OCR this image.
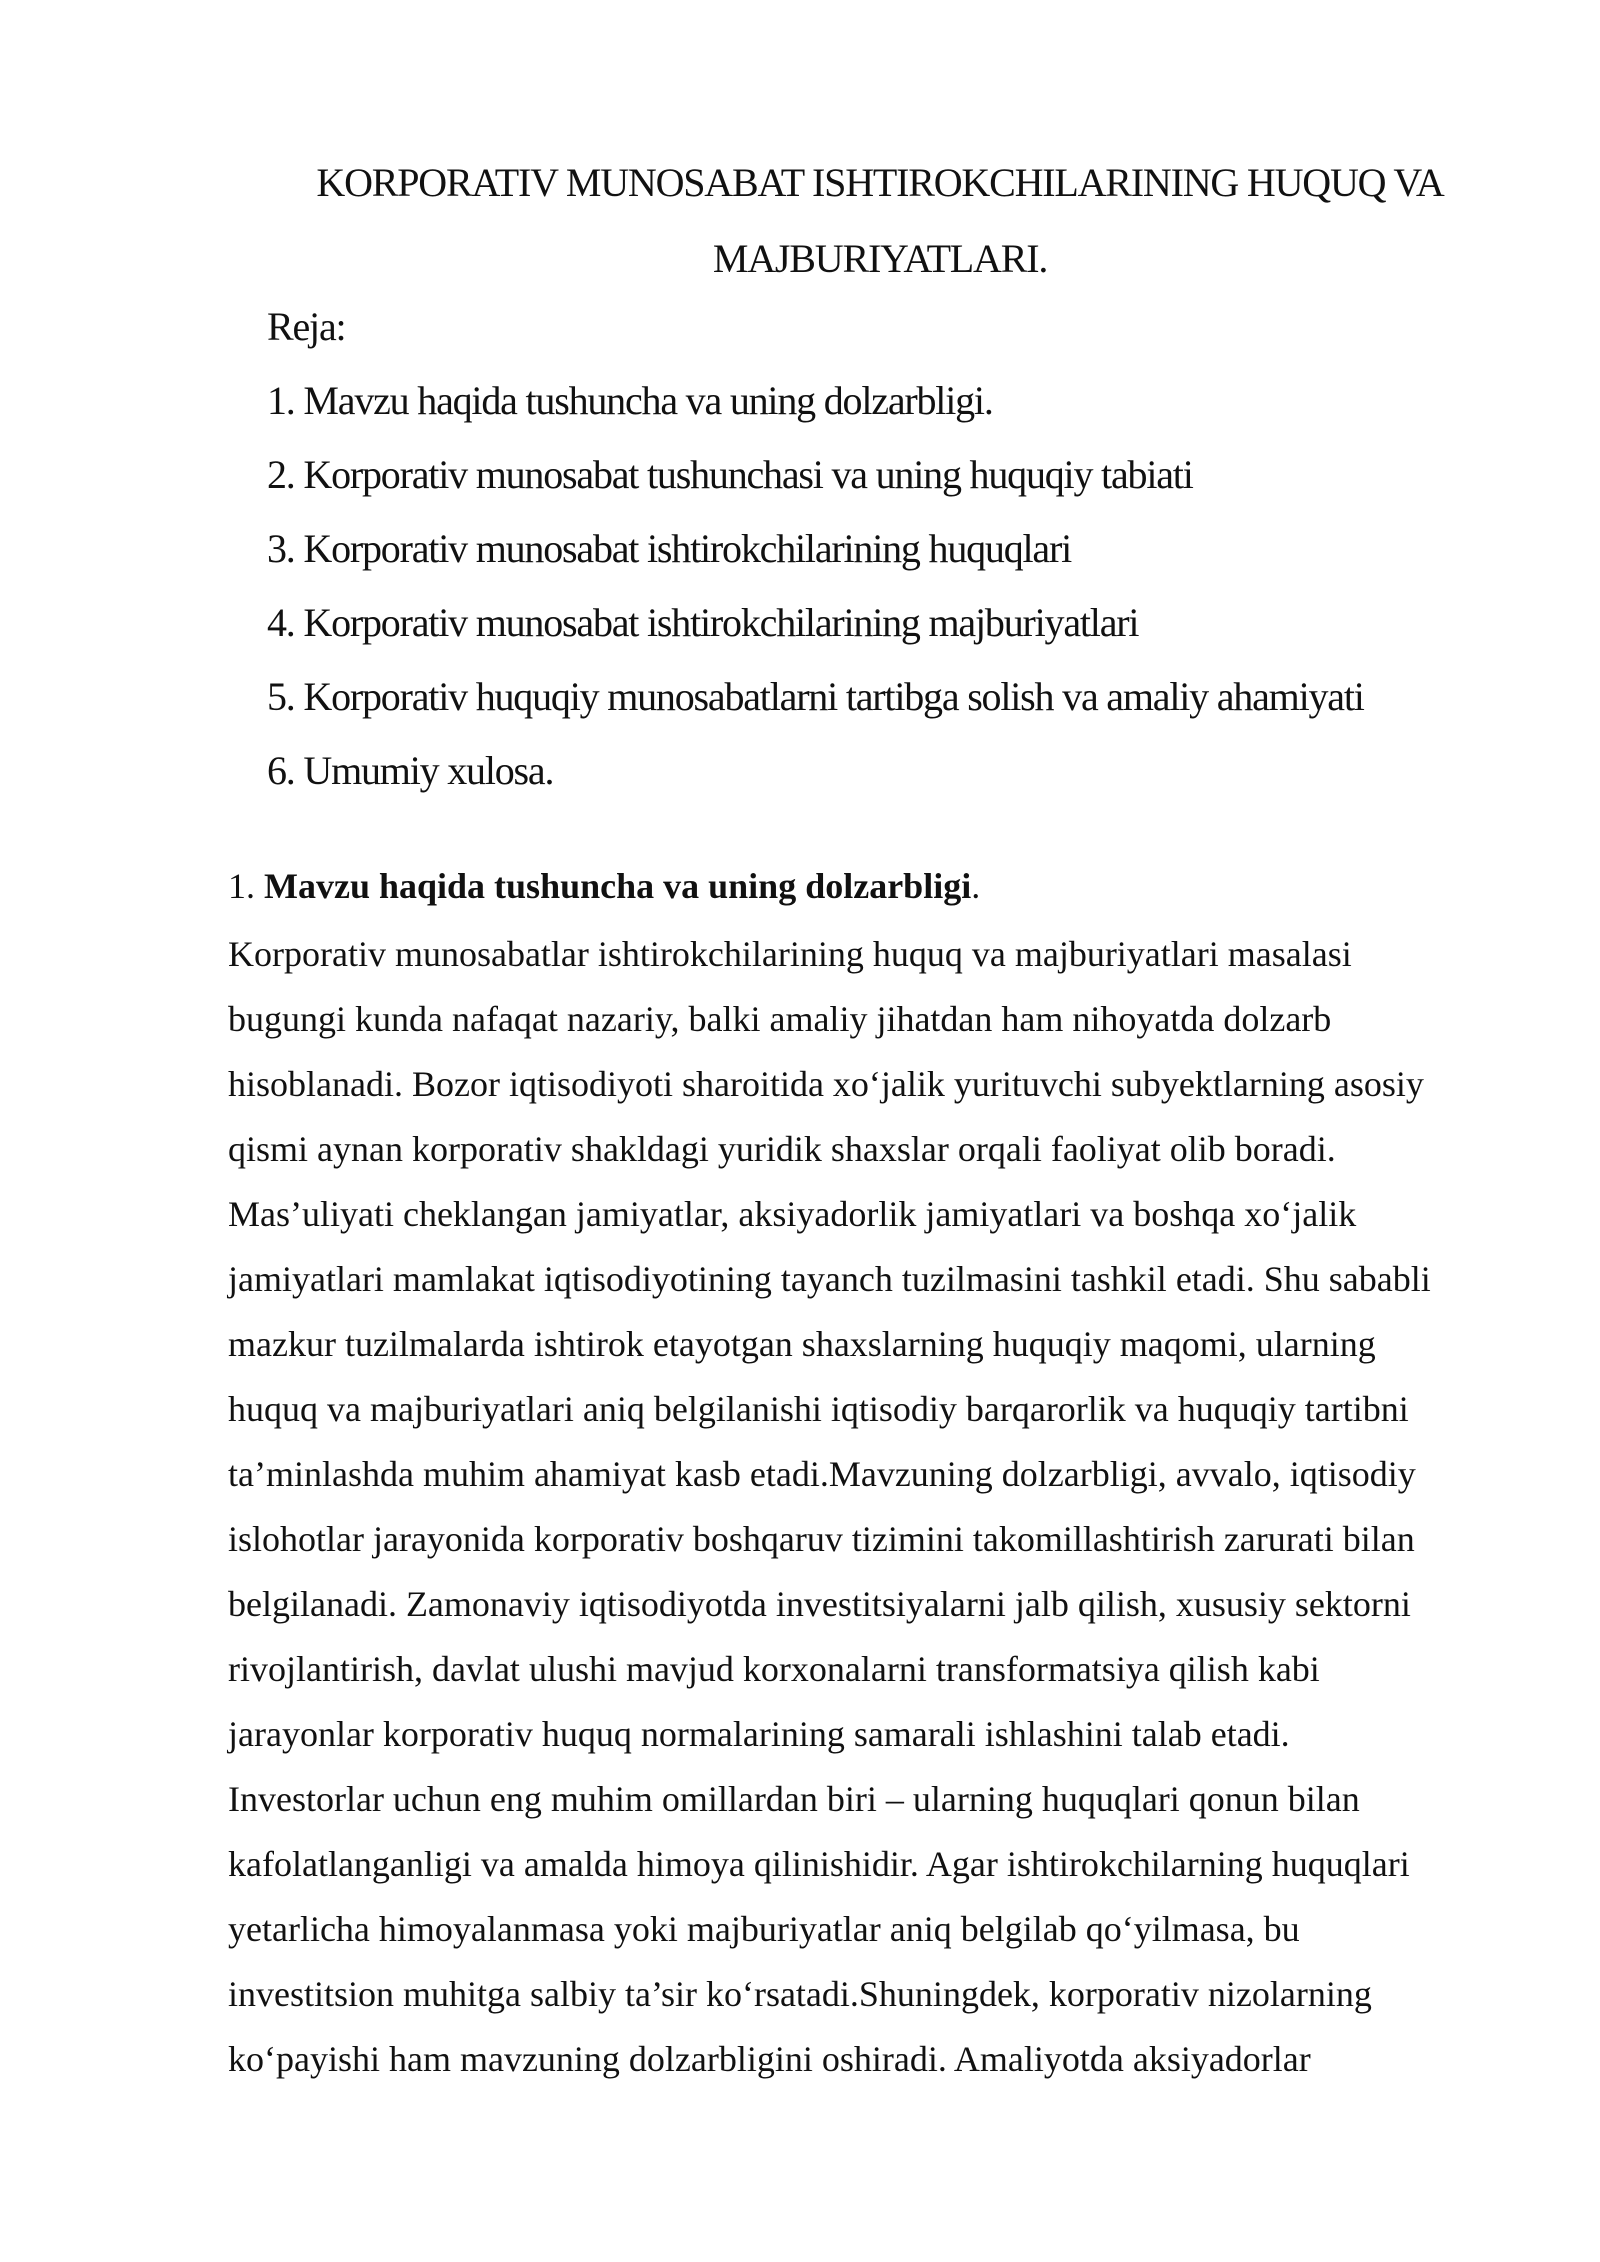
KORPORATIV MUNOSABAT ISHTIROKCHILARINING HUQUQ VA
MAJBURIYATLARI.
Reja:
1. Mavzu haqida tushuncha va uning dolzarbligi.
2. Korporativ munosabat tushunchasi va uning huquqiy tabiati
3. Korporativ munosabat ishtirokchilarining huquqlari
4. Korporativ munosabat ishtirokchilarining majburiyatlari
5. Korporativ huquqiy munosabatlarni tartibga solish va amaliy ahamiyati
6. Umumiy xulosa.
1. Mavzu haqida tushuncha va uning dolzarbligi.
Korporativ munosabatlar ishtirokchilarining huquq va majburiyatlari masalasi
bugungi kunda nafaqat nazariy, balki amaliy jihatdan ham nihoyatda dolzarb
hisoblanadi. Bozor iqtisodiyoti sharoitida xo‘jalik yurituvchi subyektlarning asosiy
qismi aynan korporativ shakldagi yuridik shaxslar orqali faoliyat olib boradi.
Mas’uliyati cheklangan jamiyatlar, aksiyadorlik jamiyatlari va boshqa xo‘jalik
jamiyatlari mamlakat iqtisodiyotining tayanch tuzilmasini tashkil etadi. Shu sababli
mazkur tuzilmalarda ishtirok etayotgan shaxslarning huquqiy maqomi, ularning
huquq va majburiyatlari aniq belgilanishi iqtisodiy barqarorlik va huquqiy tartibni
ta’minlashda muhim ahamiyat kasb etadi.Mavzuning dolzarbligi, avvalo, iqtisodiy
islohotlar jarayonida korporativ boshqaruv tizimini takomillashtirish zarurati bilan
belgilanadi. Zamonaviy iqtisodiyotda investitsiyalarni jalb qilish, xususiy sektorni
rivojlantirish, davlat ulushi mavjud korxonalarni transformatsiya qilish kabi
jarayonlar korporativ huquq normalarining samarali ishlashini talab etadi.
Investorlar uchun eng muhim omillardan biri – ularning huquqlari qonun bilan
kafolatlanganligi va amalda himoya qilinishidir. Agar ishtirokchilarning huquqlari
yetarlicha himoyalanmasa yoki majburiyatlar aniq belgilab qo‘yilmasa, bu
investitsion muhitga salbiy ta’sir ko‘rsatadi.Shuningdek, korporativ nizolarning
ko‘payishi ham mavzuning dolzarbligini oshiradi. Amaliyotda aksiyadorlar
